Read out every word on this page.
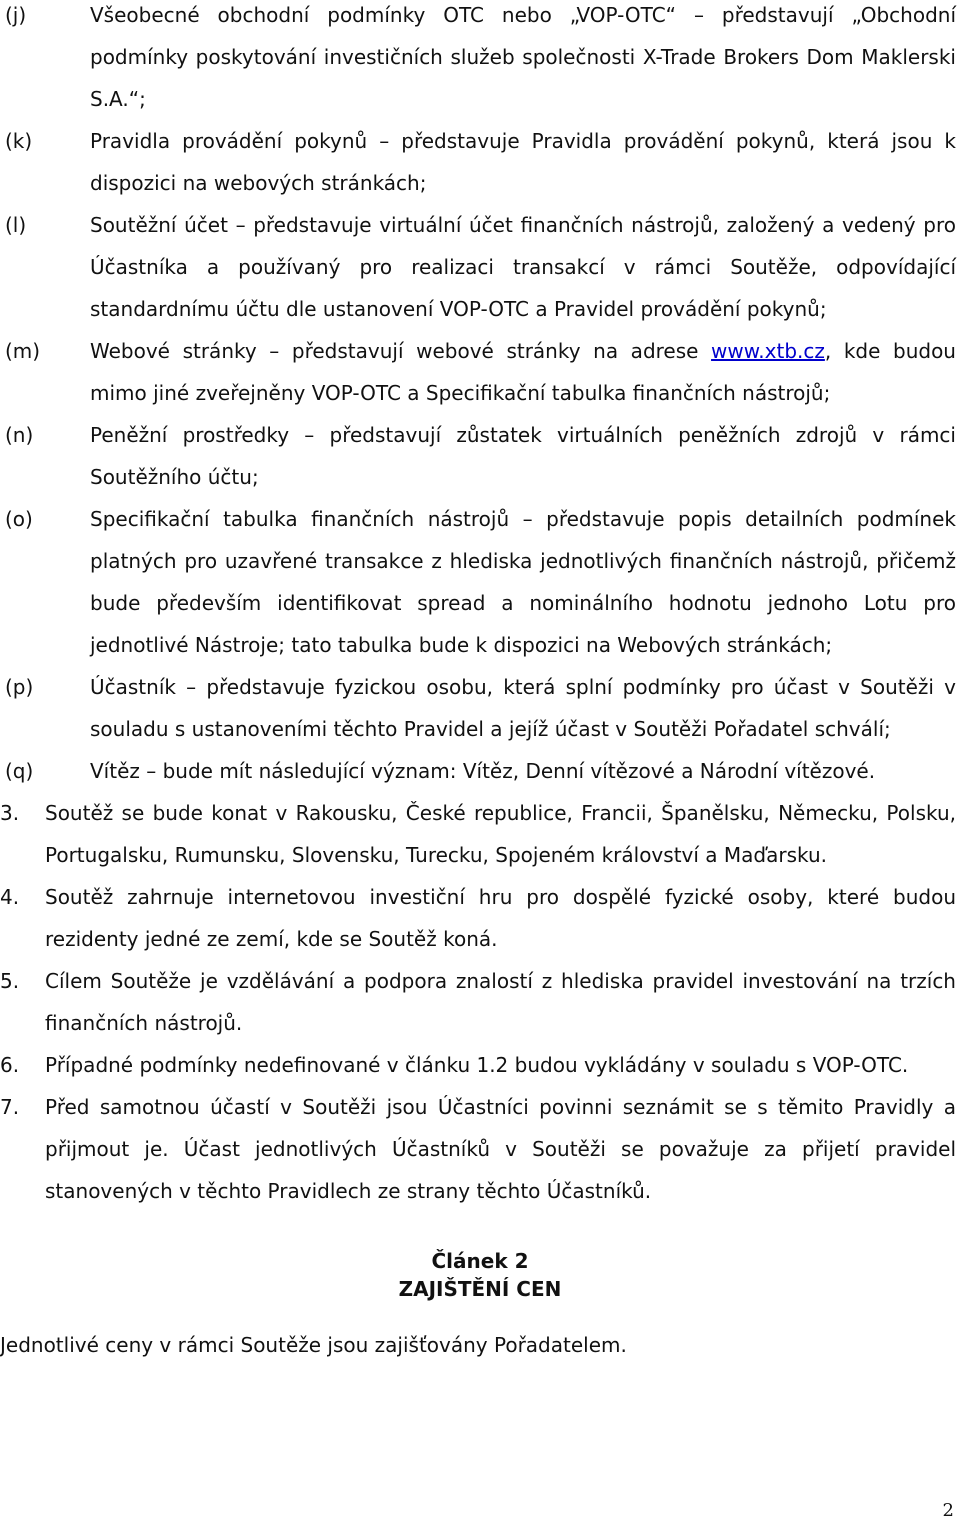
(j)	Všeobecné obchodní podmínky OTC nebo „VOP-OTC“ – představují „Obchodní podmínky poskytování investičních služeb společnosti X-Trade Brokers Dom Maklerski S.A.“;
(k)	Pravidla provádění pokynů – představuje Pravidla provádění pokynů, která jsou k dispozici na webových stránkách;
(l)	Soutěžní účet – představuje virtuální účet finančních nástrojů, založený a vedený pro Účastníka a používaný pro realizaci transakcí v rámci Soutěže, odpovídající standardnímu účtu dle ustanovení VOP-OTC a Pravidel provádění pokynů;
(m) Webové stránky – představují webové stránky na adrese www.xtb.cz, kde budou mimo jiné zveřejněny VOP-OTC a Specifikační tabulka finančních nástrojů;
(n)	Peněžní prostředky – představují zůstatek virtuálních peněžních zdrojů v rámci Soutěžního účtu;
(o)	Specifikační tabulka finančních nástrojů – představuje popis detailních podmínek platných pro uzavřené transakce z hlediska jednotlivých finančních nástrojů, přičemž bude především identifikovat spread a nominálního hodnotu jednoho Lotu pro jednotlivé Nástroje; tato tabulka bude k dispozici na Webových stránkách;
(p)	Účastník – představuje fyzickou osobu, která splní podmínky pro účast v Soutěži v souladu s ustanoveními těchto Pravidel a jejíž účast v Soutěži Pořadatel schválí;
(q)	Vítěz – bude mít následující význam: Vítěz, Denní vítězové a Národní vítězové.
3. Soutěž se bude konat v Rakousku, České republice, Francii, Španělsku, Německu, Polsku, Portugalsku, Rumunsku, Slovensku, Turecku, Spojeném království a Maďarsku.
4. Soutěž zahrnuje internetovou investiční hru pro dospělé fyzické osoby, které budou rezidenty jedné ze zemí, kde se Soutěž koná.
5. Cílem Soutěže je vzdělávání a podpora znalostí z hlediska pravidel investování na trzích finančních nástrojů.
6. Případné podmínky nedefinované v článku 1.2 budou vykládány v souladu s VOP-OTC.
7. Před samotnou účastí v Soutěži jsou Účastníci povinni seznámit se s těmito Pravidly a přijmout je. Účast jednotlivých Účastníků v Soutěži se považuje za přijetí pravidel stanovených v těchto Pravidlech ze strany těchto Účastníků.
Článek 2
ZAJIŠTĚNÍ CEN
Jednotlivé ceny v rámci Soutěže jsou zajišťovány Pořadatelem.
2
